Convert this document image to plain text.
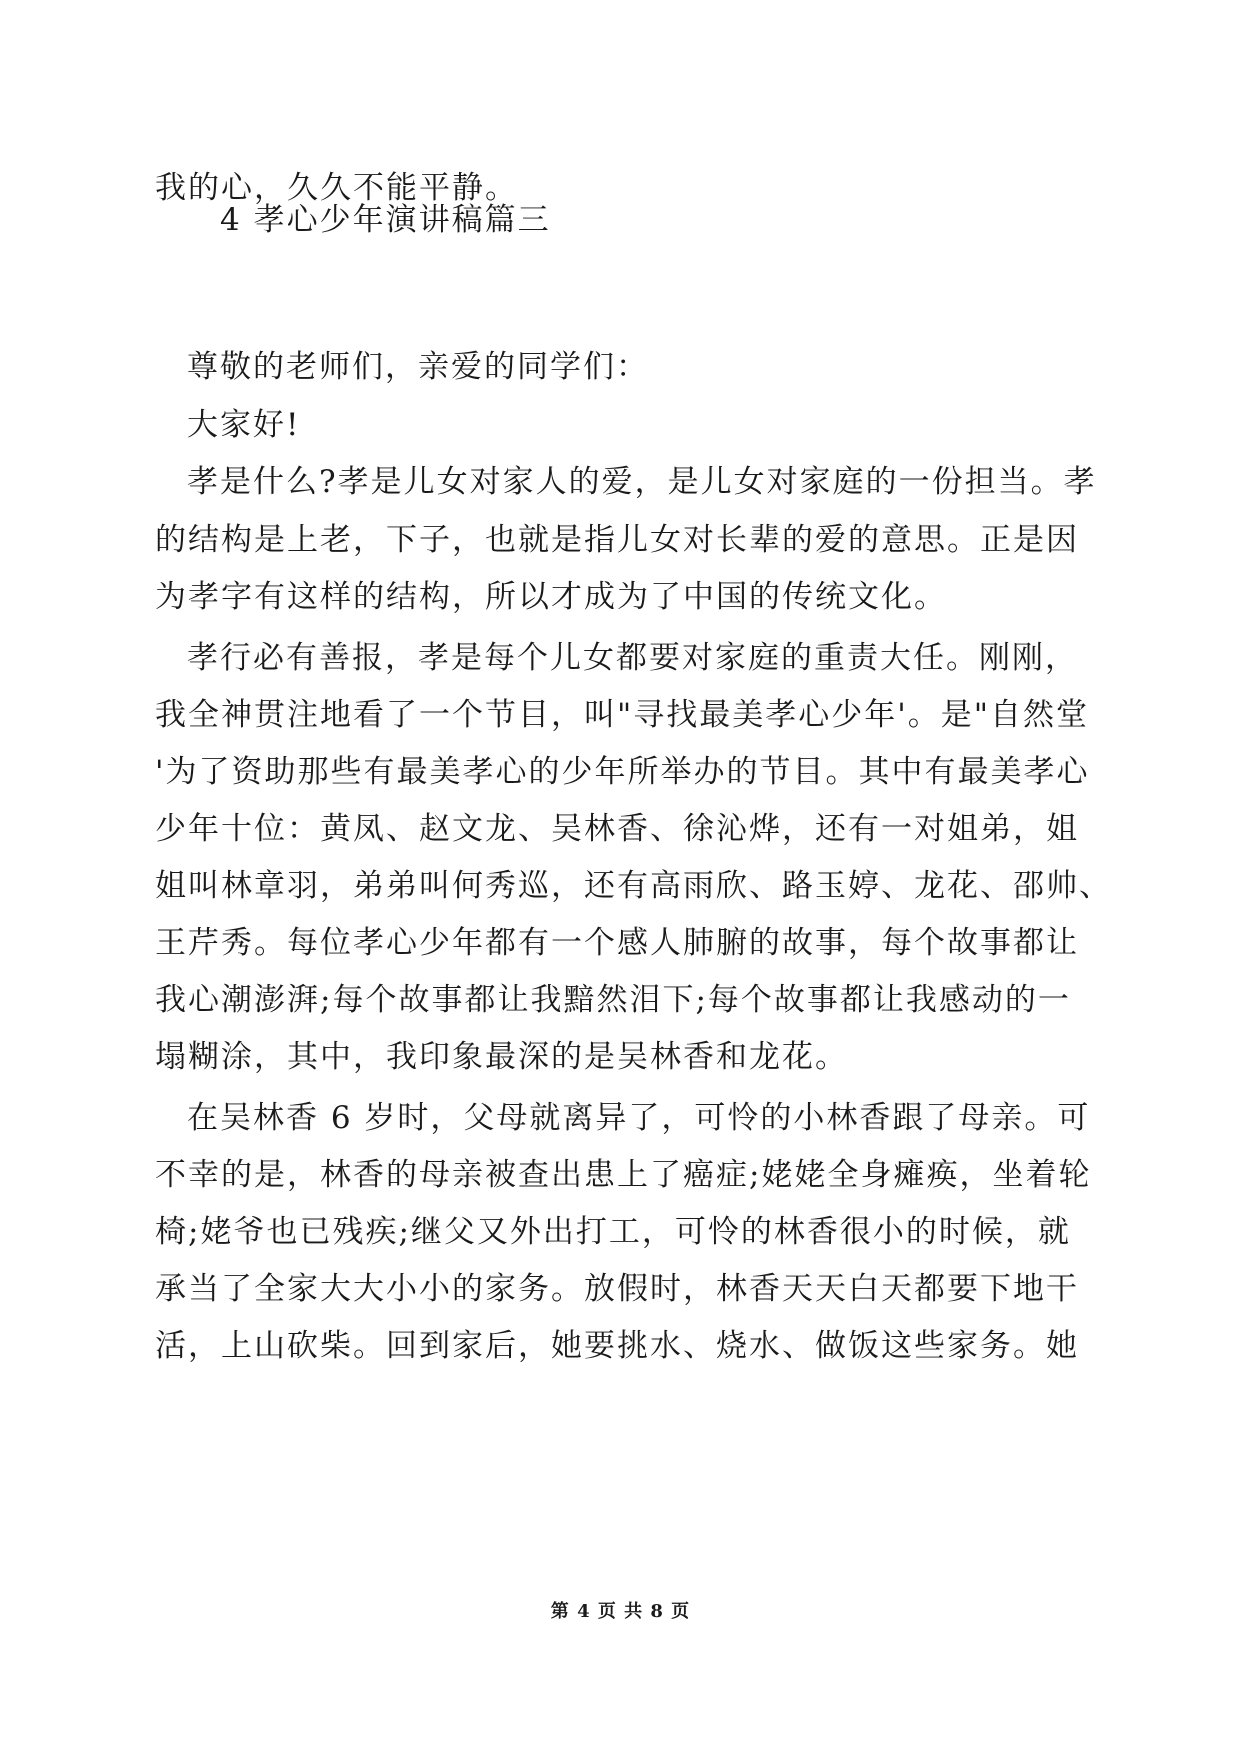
我的心，久久不能平静。
4 孝心少年演讲稿篇三
尊敬的老师们，亲爱的同学们：
大家好!
孝是什么?孝是儿女对家人的爱，是儿女对家庭的一份担当。孝
的结构是上老，下子，也就是指儿女对长辈的爱的意思。正是因
为孝字有这样的结构，所以才成为了中国的传统文化。
孝行必有善报，孝是每个儿女都要对家庭的重责大任。刚刚，
我全神贯注地看了一个节目，叫"寻找最美孝心少年'。是"自然堂
'为了资助那些有最美孝心的少年所举办的节目。其中有最美孝心
少年十位：黄凤、赵文龙、吴林香、徐沁烨，还有一对姐弟，姐
姐叫林章羽，弟弟叫何秀巡，还有高雨欣、路玉婷、龙花、邵帅、
王芹秀。每位孝心少年都有一个感人肺腑的故事，每个故事都让
我心潮澎湃;每个故事都让我黯然泪下;每个故事都让我感动的一
塌糊涂，其中，我印象最深的是吴林香和龙花。
在吴林香 6 岁时，父母就离异了，可怜的小林香跟了母亲。可
不幸的是，林香的母亲被查出患上了癌症;姥姥全身瘫痪，坐着轮
椅;姥爷也已残疾;继父又外出打工，可怜的林香很小的时候，就
承当了全家大大小小的家务。放假时，林香天天白天都要下地干
活，上山砍柴。回到家后，她要挑水、烧水、做饭这些家务。她
第 4 页 共 8 页
